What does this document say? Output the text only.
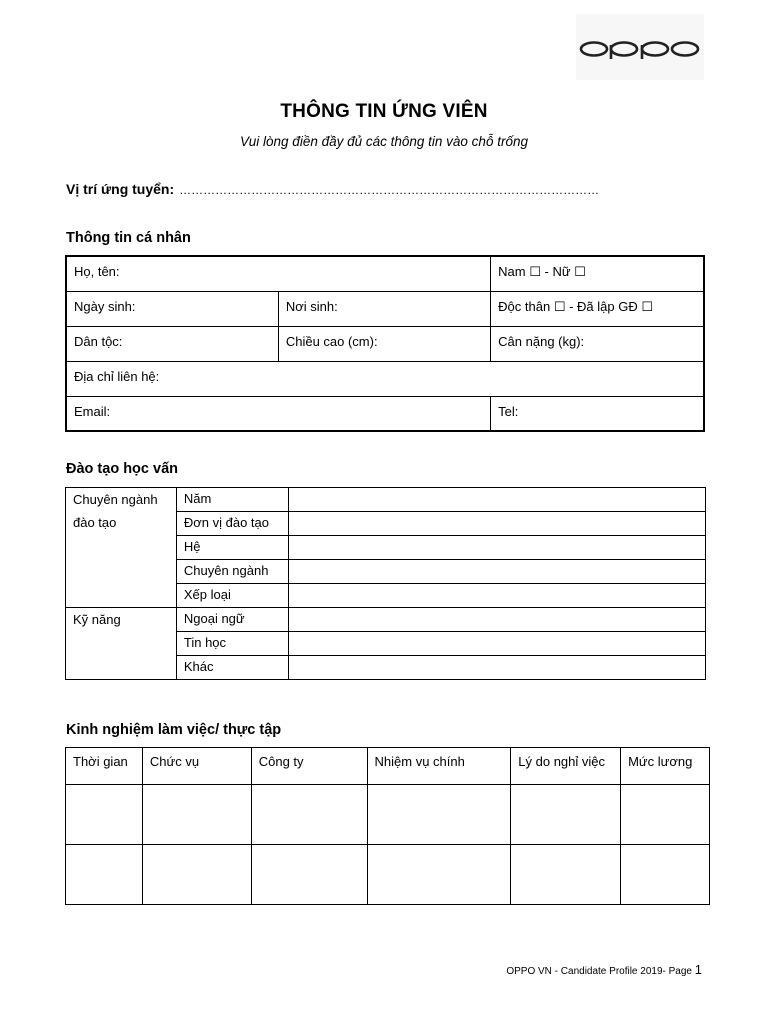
THÔNG TIN ỨNG VIÊN
Vui lòng điền đầy đủ các thông tin vào chỗ trống
Vị trí ứng tuyển: ……………………………………………………………………………………………
Thông tin cá nhân
Họ, tên:		Nam ☐ - Nữ ☐
Ngày sinh:	Nơi sinh:	Độc thân ☐ - Đã lập GĐ ☐
Dân tộc:	Chiều cao (cm):	Cân nặng (kg):
Địa chỉ liên hệ:		
Email:		Tel:
Đào tạo học vấn
Chuyên ngành đào tạo	Năm	
	Đơn vị đào tạo	
	Hệ	
	Chuyên ngành	
	Xếp loại	
Kỹ năng	Ngoại ngữ	
	Tin học	
	Khác	
Kinh nghiệm làm việc/ thực tập
Thời gian	Chức vụ	Công ty	Nhiệm vụ chính	Lý do nghỉ việc	Mức lương

OPPO VN - Candidate Profile 2019- Page 1
